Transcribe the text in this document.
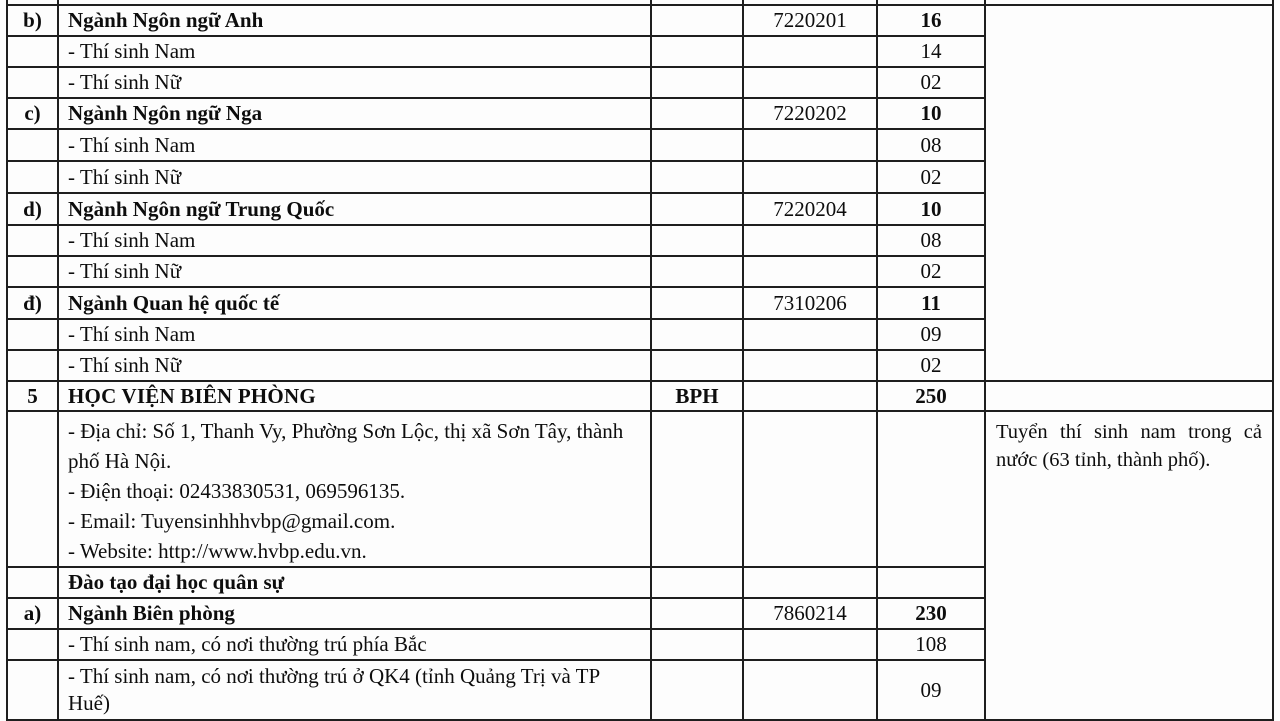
b)	Ngành Ngôn ngữ Anh		7220201	16	
	- Thí sinh Nam			14	
	- Thí sinh Nữ			02	
c)	Ngành Ngôn ngữ Nga		7220202	10	
	- Thí sinh Nam			08	
	- Thí sinh Nữ			02	
d)	Ngành Ngôn ngữ Trung Quốc		7220204	10	
	- Thí sinh Nam			08	
	- Thí sinh Nữ			02	
đ)	Ngành Quan hệ quốc tế		7310206	11	
	- Thí sinh Nam			09	
	- Thí sinh Nữ			02	
5	HỌC VIỆN BIÊN PHÒNG	BPH		250	

	- Địa chỉ: Số 1, Thanh Vy, Phường Sơn Lộc, thị xã Sơn Tây, thành phố Hà Nội.
- Điện thoại: 02433830531, 069596135.
- Email: Tuyensinhhhvbp@gmail.com.
- Website: http://www.hvbp.edu.vn.				Tuyển thí sinh nam trong cả nước (63 tỉnh, thành phố).
	Đào tạo đại học quân sự				
a)	Ngành Biên phòng		7860214	230	
	- Thí sinh nam, có nơi thường trú phía Bắc			108	
	- Thí sinh nam, có nơi thường trú ở QK4 (tỉnh Quảng Trị và TP Huế)			09	
